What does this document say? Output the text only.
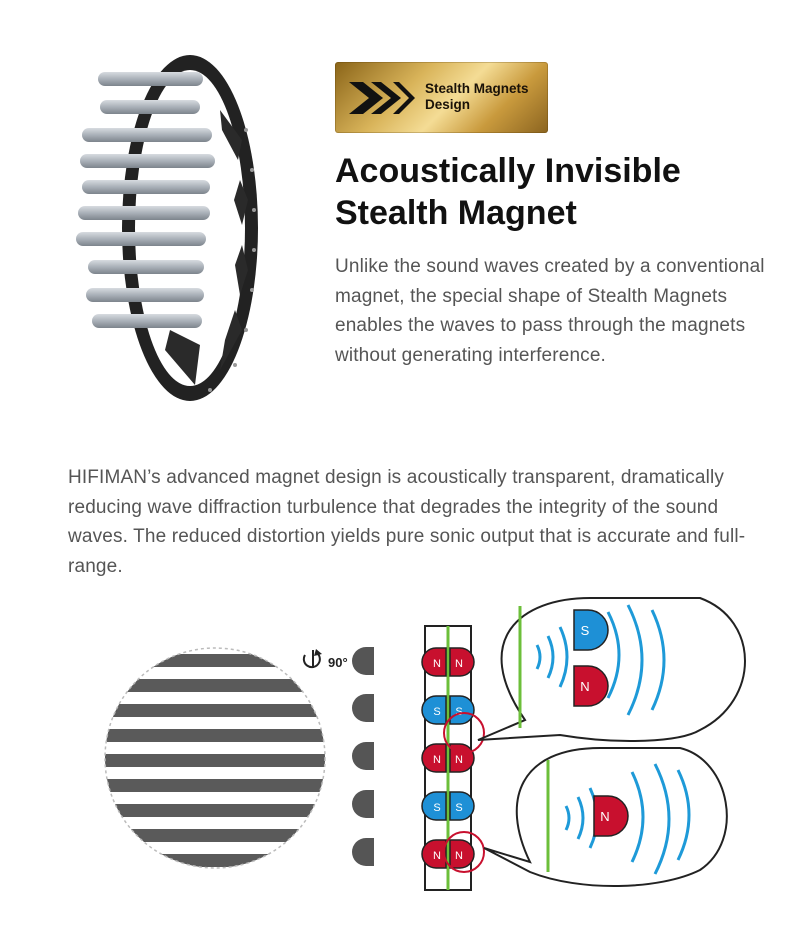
Stealth Magnets
Design
Acoustically Invisible
Stealth Magnet
Unlike the sound waves created by a conventional magnet, the special shape of Stealth Magnets enables the waves to pass through the magnets without generating interference.
HIFIMAN’s advanced magnet design is acoustically transparent, dramatically reducing wave diffraction turbulence that degrades the integrity of the sound waves. The reduced distortion yields pure sonic output that is accurate and full-range.
N N
S S
N N
S S
N N
S
N
N
90°
